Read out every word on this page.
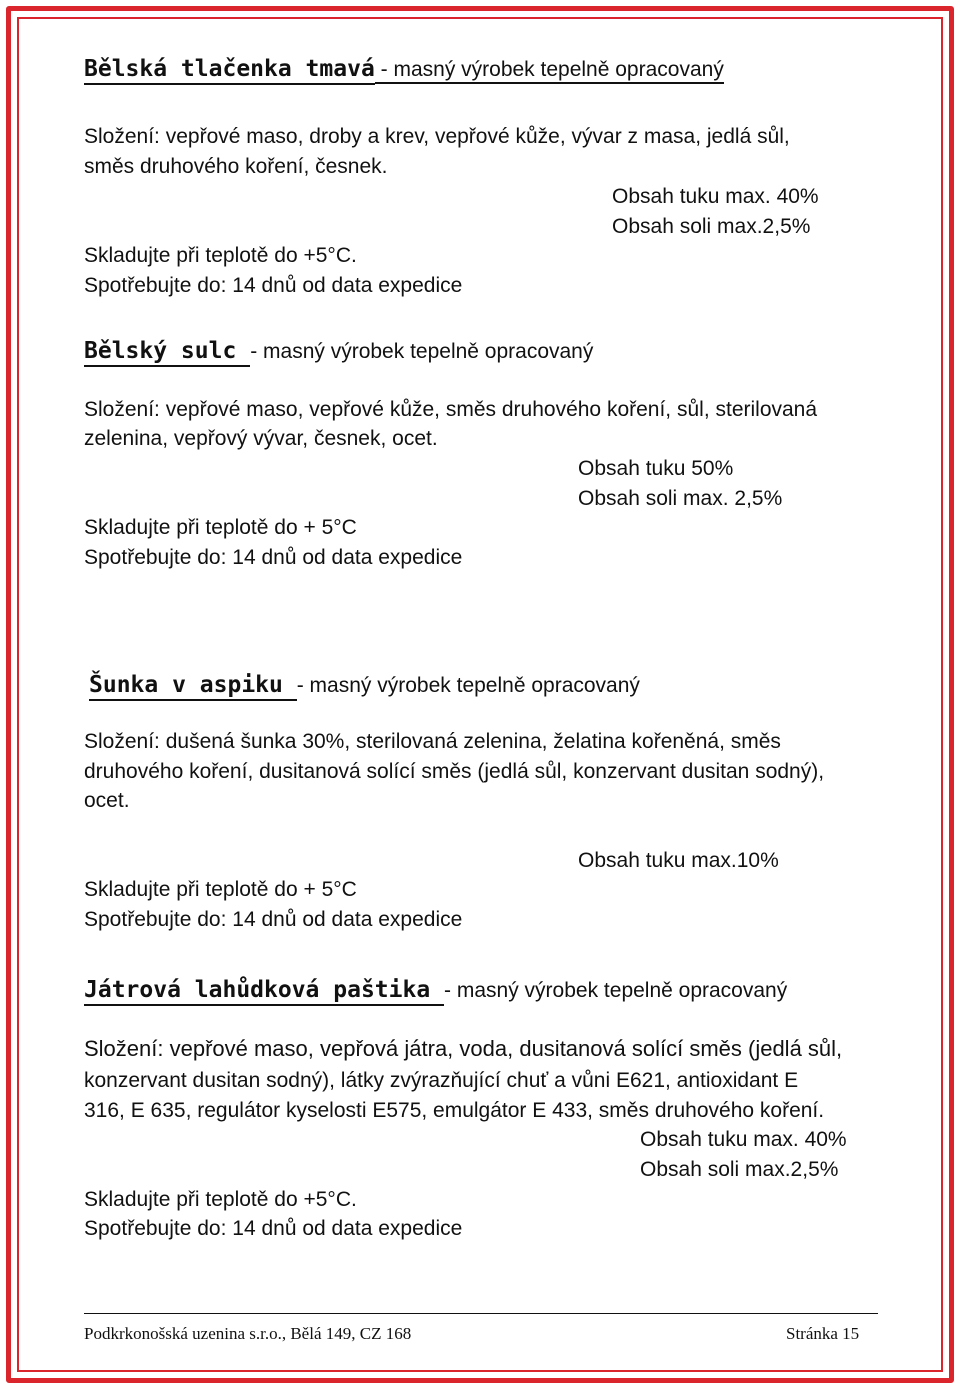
Bělská tlačenka tmavá - masný výrobek tepelně opracovaný
Složení: vepřové maso, droby a krev, vepřové kůže, vývar z masa, jedlá sůl,
směs druhového koření, česnek.
Obsah tuku max. 40%
Obsah soli max.2,5%
Skladujte při teplotě do +5°C.
Spotřebujte do: 14 dnů od data expedice
Bělský sulc - masný výrobek tepelně opracovaný
Složení: vepřové maso, vepřové kůže, směs druhového koření, sůl, sterilovaná
zelenina, vepřový vývar, česnek, ocet.
Obsah tuku 50%
Obsah soli max. 2,5%
Skladujte při teplotě do + 5°C
Spotřebujte do: 14 dnů od data expedice
Šunka v aspiku - masný výrobek tepelně opracovaný
Složení: dušená šunka 30%, sterilovaná zelenina, želatina kořeněná, směs
druhového koření, dusitanová solící směs (jedlá sůl, konzervant dusitan sodný),
ocet.
Obsah tuku max.10%
Skladujte při teplotě do + 5°C
Spotřebujte do: 14 dnů od data expedice
Játrová lahůdková paštika - masný výrobek tepelně opracovaný
Složení: vepřové maso, vepřová játra, voda, dusitanová solící směs (jedlá sůl,
konzervant dusitan sodný), látky zvýrazňující chuť a vůni E621, antioxidant E
316, E 635, regulátor kyselosti E575, emulgátor E 433, směs druhového koření.
Obsah tuku max. 40%
Obsah soli max.2,5%
Skladujte při teplotě do +5°C.
Spotřebujte do: 14 dnů od data expedice
Podkrkonošská uzenina s.r.o., Bělá 149, CZ 168	Stránka 15
